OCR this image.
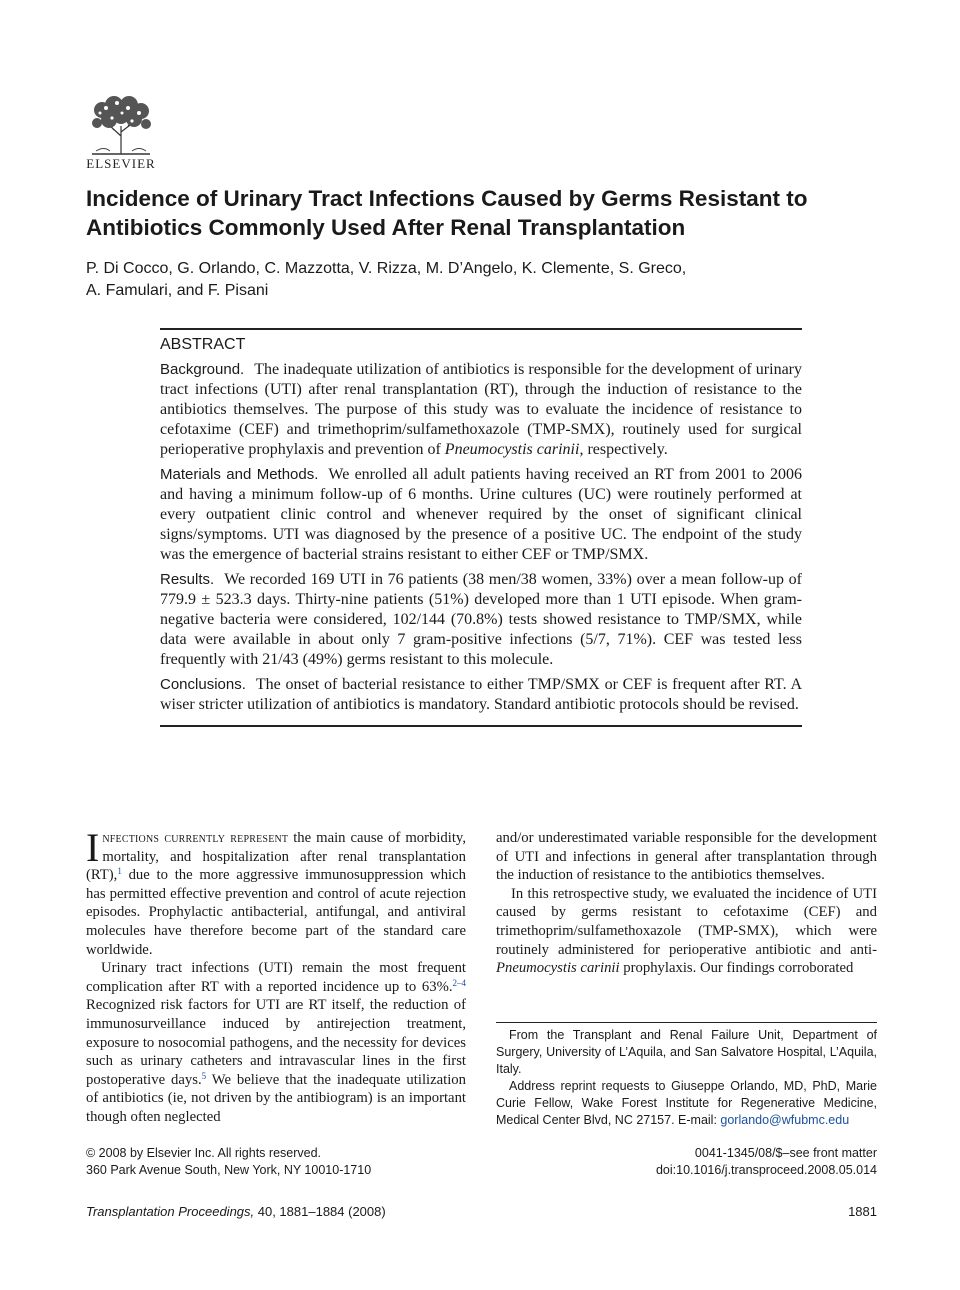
ELSEVIER
Incidence of Urinary Tract Infections Caused by Germs Resistant to Antibiotics Commonly Used After Renal Transplantation
P. Di Cocco, G. Orlando, C. Mazzotta, V. Rizza, M. D’Angelo, K. Clemente, S. Greco,
A. Famulari, and F. Pisani
ABSTRACT

Background. The inadequate utilization of antibiotics is responsible for the development of urinary tract infections (UTI) after renal transplantation (RT), through the induction of resistance to the antibiotics themselves. The purpose of this study was to evaluate the incidence of resistance to cefotaxime (CEF) and trimethoprim/sulfamethoxazole (TMP-SMX), routinely used for surgical perioperative prophylaxis and prevention of Pneumocystis carinii, respectively.

Materials and Methods. We enrolled all adult patients having received an RT from 2001 to 2006 and having a minimum follow-up of 6 months. Urine cultures (UC) were routinely performed at every outpatient clinic control and whenever required by the onset of significant clinical signs/symptoms. UTI was diagnosed by the presence of a positive UC. The endpoint of the study was the emergence of bacterial strains resistant to either CEF or TMP/SMX.

Results. We recorded 169 UTI in 76 patients (38 men/38 women, 33%) over a mean follow-up of 779.9 ± 523.3 days. Thirty-nine patients (51%) developed more than 1 UTI episode. When gram-negative bacteria were considered, 102/144 (70.8%) tests showed resistance to TMP/SMX, while data were available in about only 7 gram-positive infections (5/7, 71%). CEF was tested less frequently with 21/43 (49%) germs resistant to this molecule.

Conclusions. The onset of bacterial resistance to either TMP/SMX or CEF is frequent after RT. A wiser stricter utilization of antibiotics is mandatory. Standard antibiotic protocols should be revised.

Infections currently represent the main cause of morbidity, mortality, and hospitalization after renal transplantation (RT),$^1$ due to the more aggressive immunosuppression which has permitted effective prevention and control of acute rejection episodes. Prophylactic antibacterial, antifungal, and antiviral molecules have therefore become part of the standard care worldwide.

Urinary tract infections (UTI) remain the most frequent complication after RT with a reported incidence up to 63%.$^{2-4}$ Recognized risk factors for UTI are RT itself, the reduction of immunosurveillance induced by antirejection treatment, exposure to nosocomial pathogens, and the necessity for devices such as urinary catheters and intravascular lines in the first postoperative days.$^5$ We believe that the inadequate utilization of antibiotics (ie, not driven by the antibiogram) is an important though often neglected

and/or underestimated variable responsible for the development of UTI and infections in general after transplantation through the induction of resistance to the antibiotics themselves.

In this retrospective study, we evaluated the incidence of UTI caused by germs resistant to cefotaxime (CEF) and trimethoprim/sulfamethoxazole (TMP-SMX), which were routinely administered for perioperative antibiotic and anti-Pneumocystis carinii prophylaxis. Our findings corroborated

From the Transplant and Renal Failure Unit, Department of Surgery, University of L’Aquila, and San Salvatore Hospital, L’Aquila, Italy.

Address reprint requests to Giuseppe Orlando, MD, PhD, Marie Curie Fellow, Wake Forest Institute for Regenerative Medicine, Medical Center Blvd, NC 27157. E-mail: gorlando@wfubmc.edu

© 2008 by Elsevier Inc. All rights reserved.
360 Park Avenue South, New York, NY 10010-1710
0041-1345/08/$–see front matter
doi:10.1016/j.transproceed.2008.05.014
Transplantation Proceedings, 40, 1881–1884 (2008)	1881
